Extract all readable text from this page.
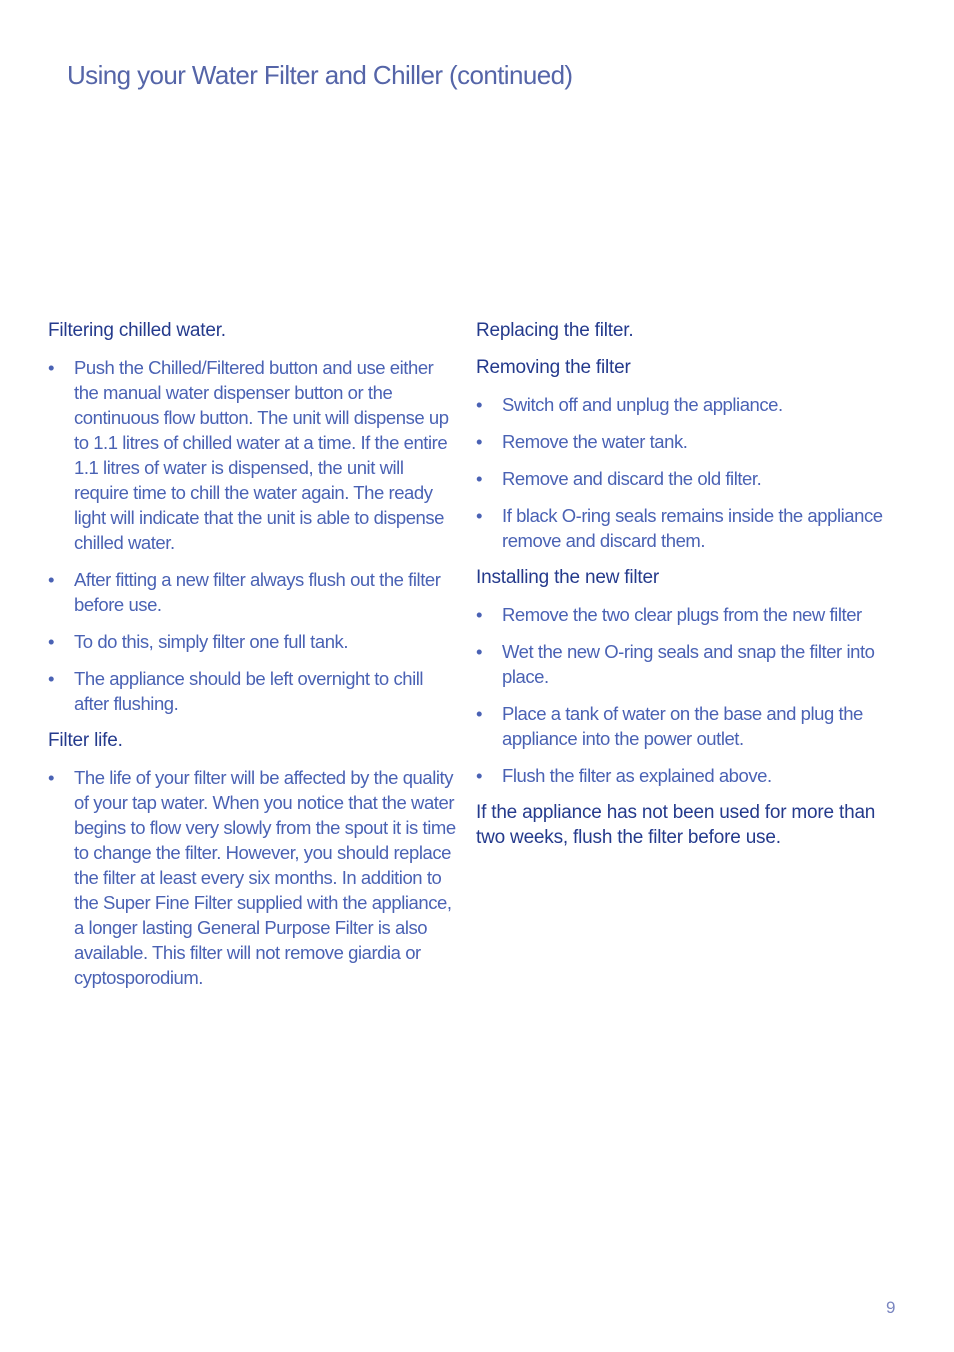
Using your Water Filter and Chiller (continued)
Filtering chilled water.
• Push the Chilled/Filtered button and use either the manual water dispenser button or the continuous flow button. The unit will dispense up to 1.1 litres of chilled water at a time. If the entire 1.1 litres of water is dispensed, the unit will require time to chill the water again. The ready light will indicate that the unit is able to dispense chilled water.
• After fitting a new filter always flush out the filter before use.
• To do this, simply filter one full tank.
• The appliance should be left overnight to chill after flushing.
Filter life.
• The life of your filter will be affected by the quality of your tap water. When you notice that the water begins to flow very slowly from the spout it is time to change the filter. However, you should replace the filter at least every six months. In addition to the Super Fine Filter supplied with the appliance, a longer lasting General Purpose Filter is also available. This filter will not remove giardia or cyptosporodium.
Replacing the filter.
Removing the filter
• Switch off and unplug the appliance.
• Remove the water tank.
• Remove and discard the old filter.
• If black O-ring seals remains inside the appliance remove and discard them.
Installing the new filter
• Remove the two clear plugs from the new filter
• Wet the new O-ring seals and snap the filter into place.
• Place a tank of water on the base and plug the appliance into the power outlet.
• Flush the filter as explained above.

If the appliance has not been used for more than two weeks, flush the filter before use.

9
